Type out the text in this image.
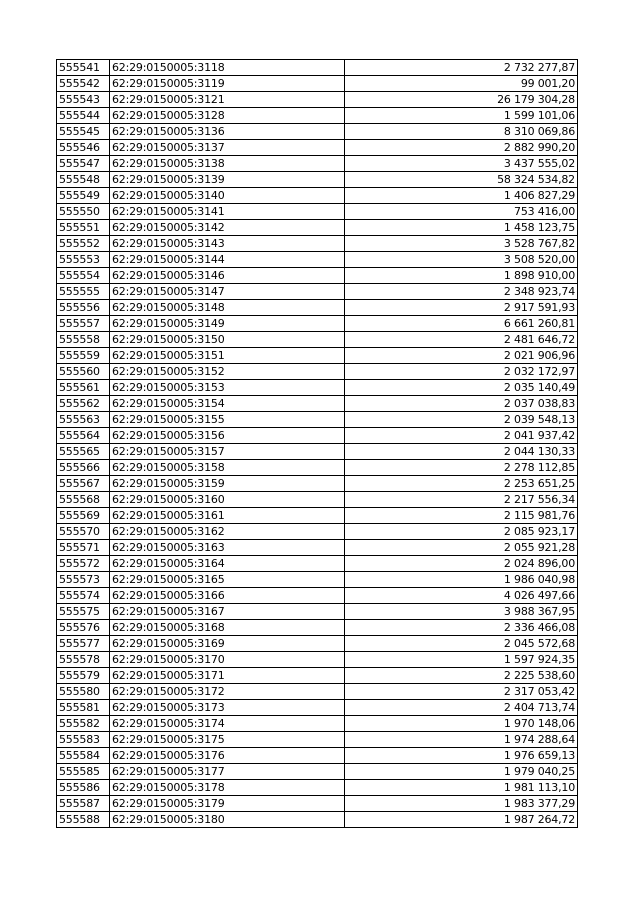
555541	62:29:0150005:3118	2 732 277,87
555542	62:29:0150005:3119	99 001,20
555543	62:29:0150005:3121	26 179 304,28
555544	62:29:0150005:3128	1 599 101,06
555545	62:29:0150005:3136	8 310 069,86
555546	62:29:0150005:3137	2 882 990,20
555547	62:29:0150005:3138	3 437 555,02
555548	62:29:0150005:3139	58 324 534,82
555549	62:29:0150005:3140	1 406 827,29
555550	62:29:0150005:3141	753 416,00
555551	62:29:0150005:3142	1 458 123,75
555552	62:29:0150005:3143	3 528 767,82
555553	62:29:0150005:3144	3 508 520,00
555554	62:29:0150005:3146	1 898 910,00
555555	62:29:0150005:3147	2 348 923,74
555556	62:29:0150005:3148	2 917 591,93
555557	62:29:0150005:3149	6 661 260,81
555558	62:29:0150005:3150	2 481 646,72
555559	62:29:0150005:3151	2 021 906,96
555560	62:29:0150005:3152	2 032 172,97
555561	62:29:0150005:3153	2 035 140,49
555562	62:29:0150005:3154	2 037 038,83
555563	62:29:0150005:3155	2 039 548,13
555564	62:29:0150005:3156	2 041 937,42
555565	62:29:0150005:3157	2 044 130,33
555566	62:29:0150005:3158	2 278 112,85
555567	62:29:0150005:3159	2 253 651,25
555568	62:29:0150005:3160	2 217 556,34
555569	62:29:0150005:3161	2 115 981,76
555570	62:29:0150005:3162	2 085 923,17
555571	62:29:0150005:3163	2 055 921,28
555572	62:29:0150005:3164	2 024 896,00
555573	62:29:0150005:3165	1 986 040,98
555574	62:29:0150005:3166	4 026 497,66
555575	62:29:0150005:3167	3 988 367,95
555576	62:29:0150005:3168	2 336 466,08
555577	62:29:0150005:3169	2 045 572,68
555578	62:29:0150005:3170	1 597 924,35
555579	62:29:0150005:3171	2 225 538,60
555580	62:29:0150005:3172	2 317 053,42
555581	62:29:0150005:3173	2 404 713,74
555582	62:29:0150005:3174	1 970 148,06
555583	62:29:0150005:3175	1 974 288,64
555584	62:29:0150005:3176	1 976 659,13
555585	62:29:0150005:3177	1 979 040,25
555586	62:29:0150005:3178	1 981 113,10
555587	62:29:0150005:3179	1 983 377,29
555588	62:29:0150005:3180	1 987 264,72
